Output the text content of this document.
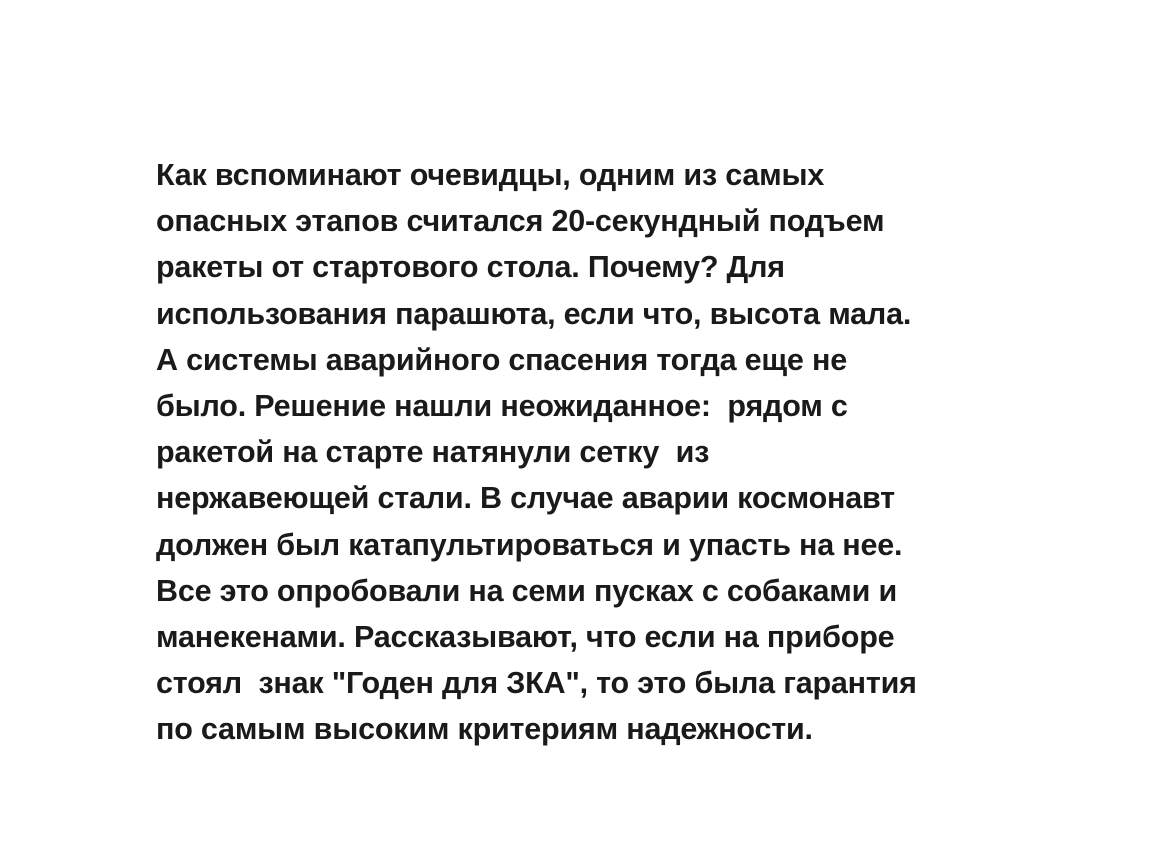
Как вспоминают очевидцы, одним из самых
опасных этапов считался 20-секундный подъем
ракеты от стартового стола. Почему? Для
использования парашюта, если что, высота мала.
А системы аварийного спасения тогда еще не
было. Решение нашли неожиданное:  рядом с
ракетой на старте натянули сетку  из
нержавеющей стали. В случае аварии космонавт
должен был катапультироваться и упасть на нее.
Все это опробовали на семи пусках с собаками и
манекенами. Рассказывают, что если на приборе
стоял  знак "Годен для ЗКА", то это была гарантия
по самым высоким критериям надежности.
